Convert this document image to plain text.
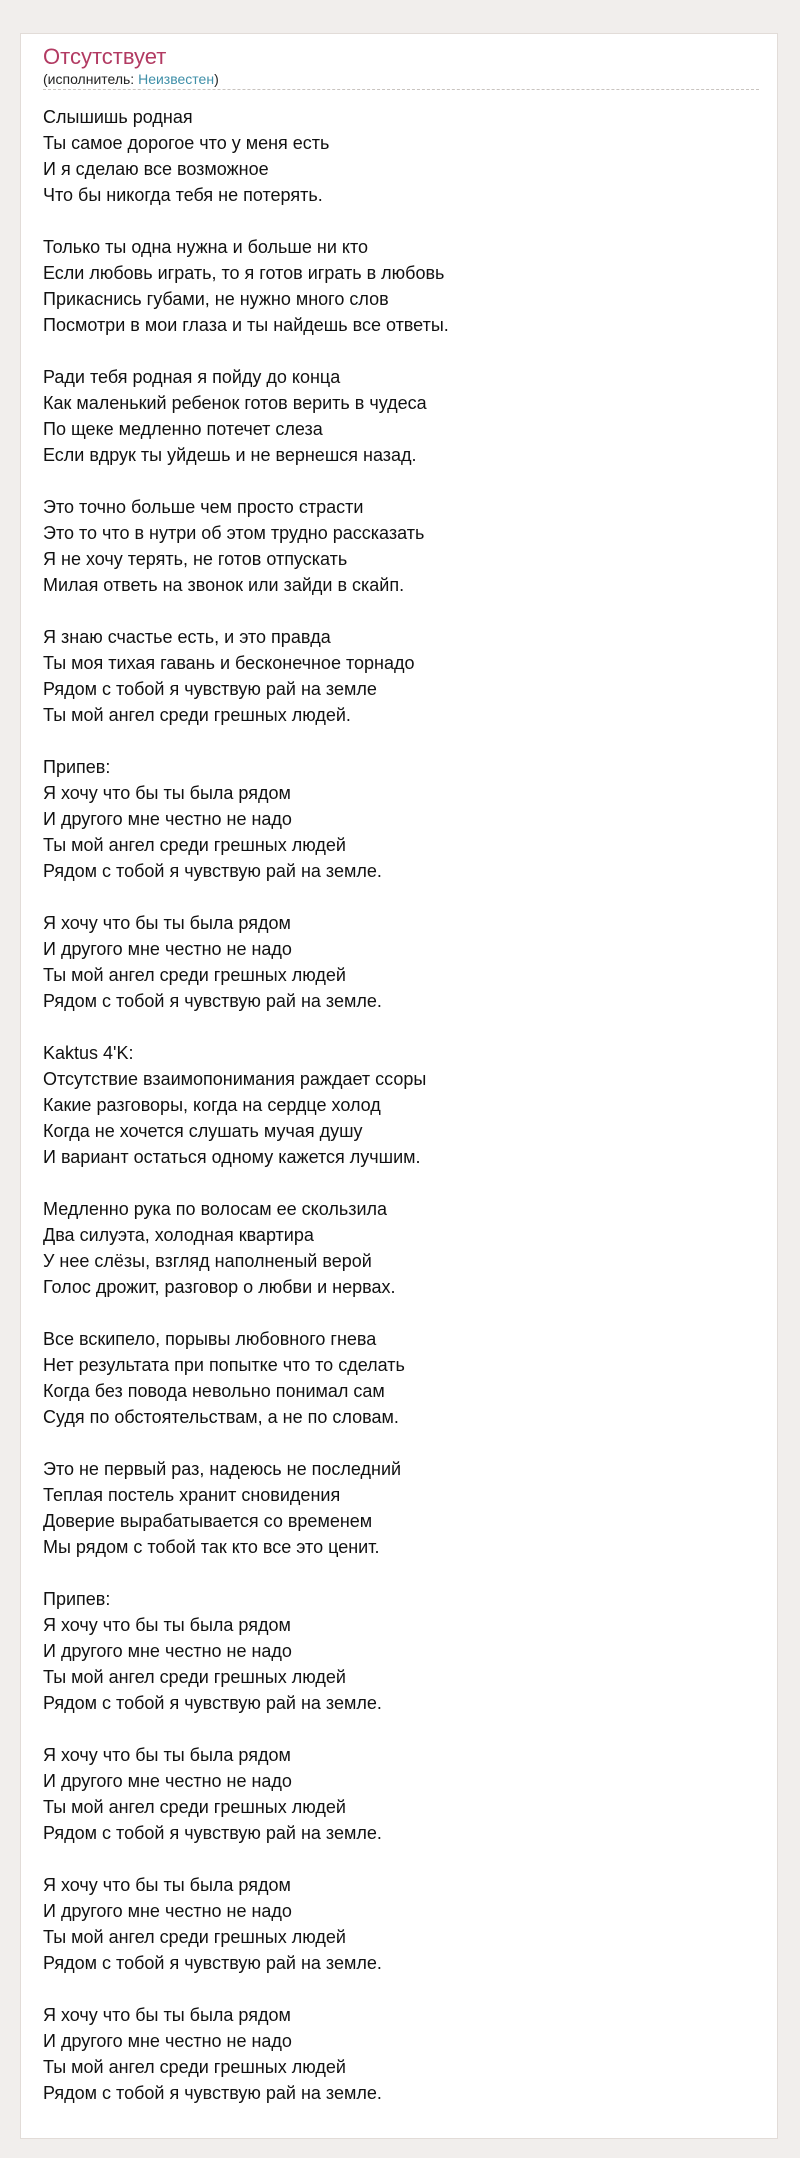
Отсутствует
(исполнитель: Неизвестен)
Слышишь родная
Ты самое дорогое что у меня есть
И я сделаю все возможное
Что бы никогда тебя не потерять.
Только ты одна нужна и больше ни кто
Если любовь играть, то я готов играть в любовь
Прикаснись губами, не нужно много слов
Посмотри в мои глаза и ты найдешь все ответы.
Ради тебя родная я пойду до конца
Как маленький ребенок готов верить в чудеса
По щеке медленно потечет слеза
Если вдрук ты уйдешь и не вернешся назад.
Это точно больше чем просто страсти
Это то что в нутри об этом трудно рассказать
Я не хочу терять, не готов отпускать
Милая ответь на звонок или зайди в скайп.
Я знаю счастье есть, и это правда
Ты моя тихая гавань и бесконечное торнадо
Рядом с тобой я чувствую рай на земле
Ты мой ангел среди грешных людей.
Припев:
Я хочу что бы ты была рядом
И другого мне честно не надо
Ты мой ангел среди грешных людей
Рядом с тобой я чувствую рай на земле.
Я хочу что бы ты была рядом
И другого мне честно не надо
Ты мой ангел среди грешных людей
Рядом с тобой я чувствую рай на земле.
Kaktus 4'K:
Отсутствие взаимопонимания раждает ссоры
Какие разговоры, когда на сердце холод
Когда не хочется слушать мучая душу
И вариант остаться одному кажется лучшим.
Медленно рука по волосам ее скользила
Два силуэта, холодная квартира
У нее слёзы, взгляд наполненый верой
Голос дрожит, разговор о любви и нервах.
Все вскипело, порывы любовного гнева
Нет результата при попытке что то сделать
Когда без повода невольно понимал сам
Судя по обстоятельствам, а не по словам.
Это не первый раз, надеюсь не последний
Теплая постель хранит сновидения
Доверие вырабатывается со временем
Мы рядом с тобой так кто все это ценит.
Припев:
Я хочу что бы ты была рядом
И другого мне честно не надо
Ты мой ангел среди грешных людей
Рядом с тобой я чувствую рай на земле.
Я хочу что бы ты была рядом
И другого мне честно не надо
Ты мой ангел среди грешных людей
Рядом с тобой я чувствую рай на земле.
Я хочу что бы ты была рядом
И другого мне честно не надо
Ты мой ангел среди грешных людей
Рядом с тобой я чувствую рай на земле.
Я хочу что бы ты была рядом
И другого мне честно не надо
Ты мой ангел среди грешных людей
Рядом с тобой я чувствую рай на земле.
